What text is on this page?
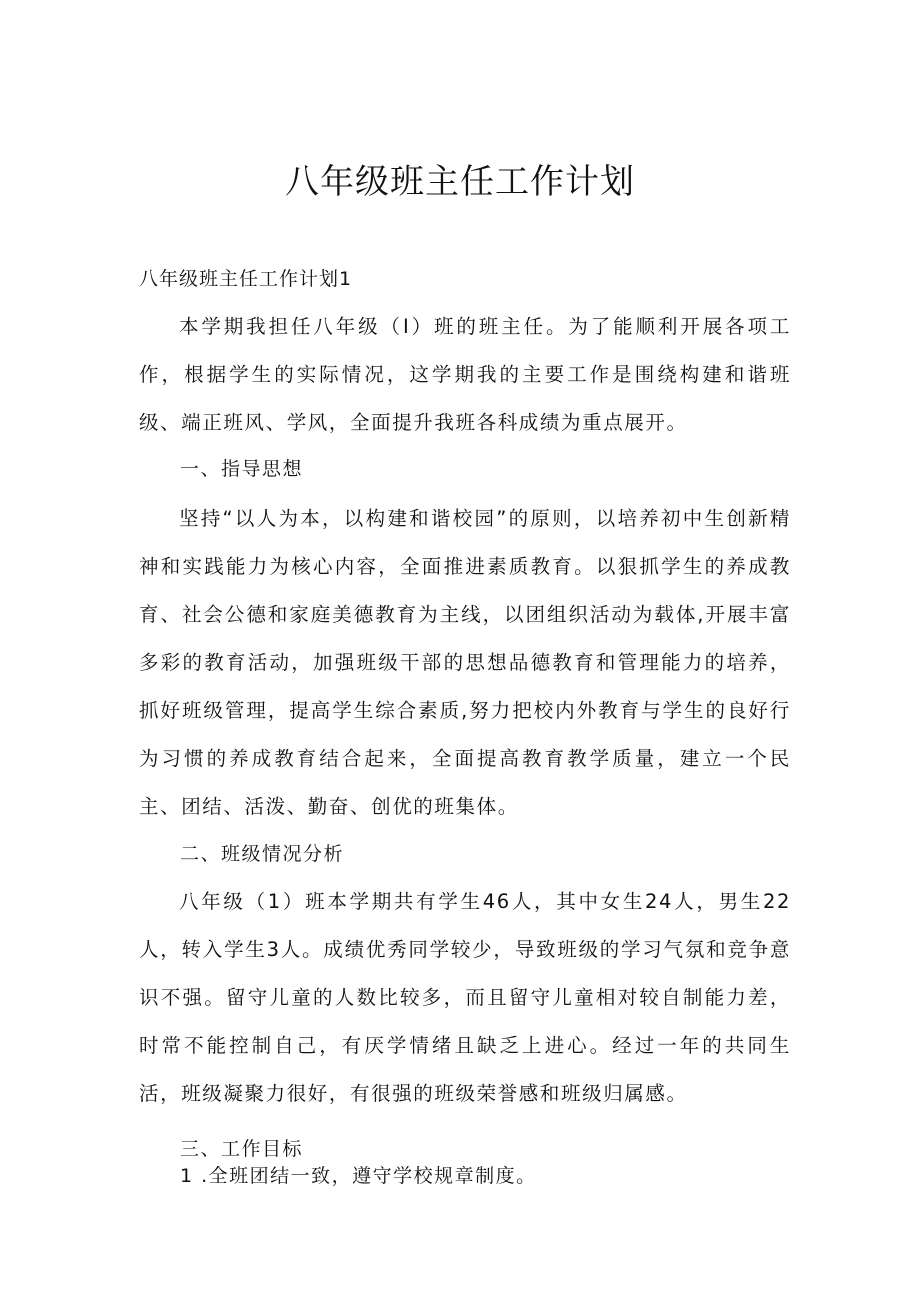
八年级班主任工作计划

八年级班主任工作计划1

本学期我担任八年级（I）班的班主任。为了能顺利开展各项工作，根据学生的实际情况，这学期我的主要工作是围绕构建和谐班级、端正班风、学风，全面提升我班各科成绩为重点展开。

一、指导思想

坚持“以人为本，以构建和谐校园”的原则，以培养初中生创新精神和实践能力为核心内容，全面推进素质教育。以狠抓学生的养成教育、社会公德和家庭美德教育为主线，以团组织活动为载体,开展丰富多彩的教育活动，加强班级干部的思想品德教育和管理能力的培养，抓好班级管理，提高学生综合素质,努力把校内外教育与学生的良好行为习惯的养成教育结合起来，全面提高教育教学质量，建立一个民主、团结、活泼、勤奋、创优的班集体。

二、班级情况分析

八年级（1）班本学期共有学生46人，其中女生24人，男生22人，转入学生3人。成绩优秀同学较少，导致班级的学习气氛和竞争意识不强。留守儿童的人数比较多，而且留守儿童相对较自制能力差，时常不能控制自己，有厌学情绪且缺乏上进心。经过一年的共同生活，班级凝聚力很好，有很强的班级荣誉感和班级归属感。

三、工作目标

1 .全班团结一致，遵守学校规章制度。
